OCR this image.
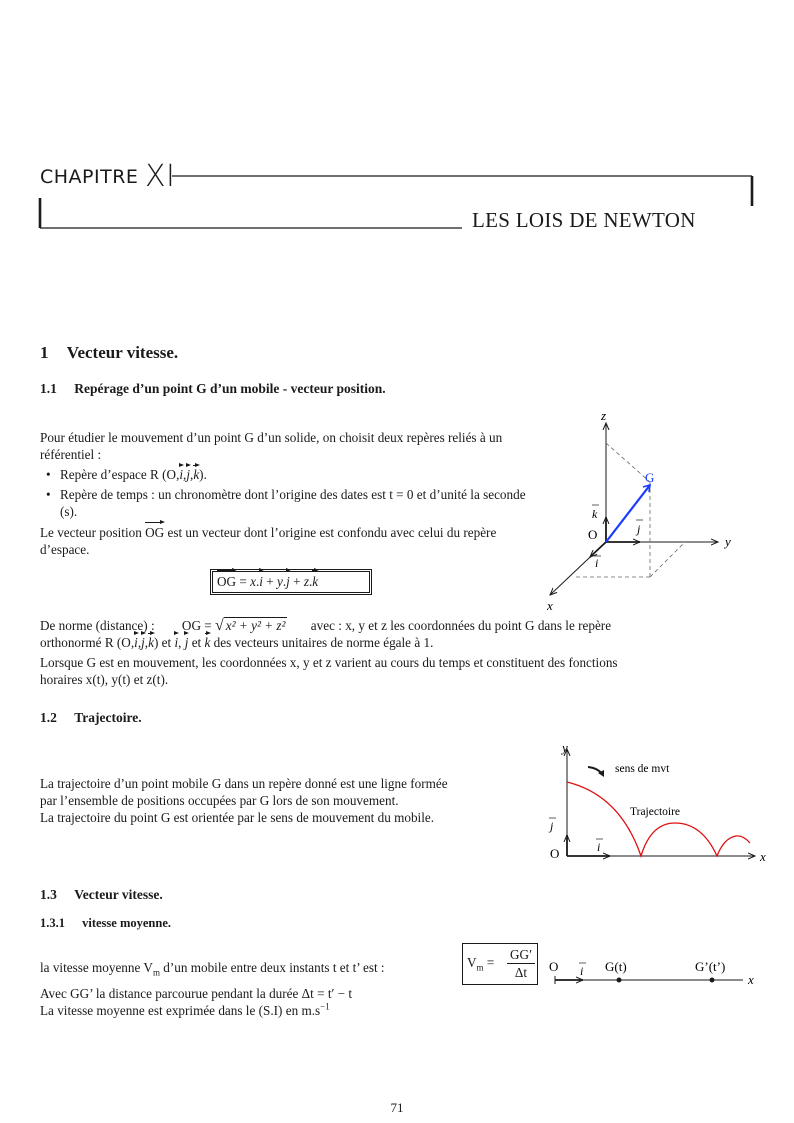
CHAPITRE XI
LES LOIS DE NEWTON
1 Vecteur vitesse.
1.1 Repérage d’un point G d’un mobile - vecteur position.

Pour étudier le mouvement d’un point G d’un solide, on choisit deux repères reliés à un référentiel :

• Repère d’espace R (O,i,j,k).
• Repère de temps : un chronomètre dont l’origine des dates est t = 0 et d’unité la seconde (s).

Le vecteur position OG est un vecteur dont l’origine est confondu avec celui du repère d’espace.

OG = x.i + y.j + z.k
De norme (distance) : OG = √ x² + y² + z² avec : x, y et z les coordonnées du point G dans le repère
orthonormé R (O,i,j,k) et i, j et k des vecteurs unitaires de norme égale à 1.

Lorsque G est en mouvement, les coordonnées x, y et z varient au cours du temps et constituent des fonctions

horaires x(t), y(t) et z(t).

z
y
x
O
G
k
j
i
1.2 Trajectoire.

La trajectoire d’un point mobile G dans un repère donné est une ligne formée

par l’ensemble de positions occupées par G lors de son mouvement.

La trajectoire du point G est orientée par le sens de mouvement du mobile.

y
x
O
j
i
sens de mvt
Trajectoire
1.3 Vecteur vitesse.
1.3.1 vitesse moyenne.
la vitesse moyenne $V_m$ d’un mobile entre deux instants t et t’ est :	$V_m = \frac{GG'}{\Delta t}$

Avec GG’ la distance parcourue pendant la durée Δt = t′ − t

La vitesse moyenne est exprimée dans le (S.I) en $m.s^{-1}$

O i G(t)	G’(t’)
x
71
